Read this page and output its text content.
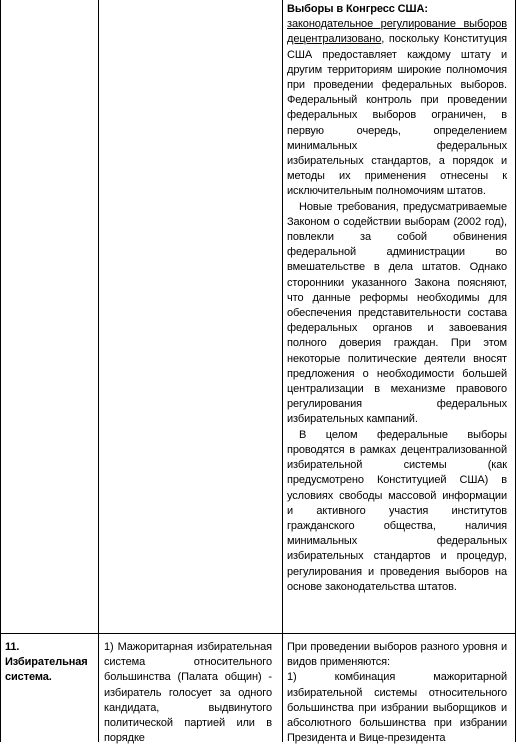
Выборы в Конгресс США:

законодательное регулирование выборов децентрализовано, поскольку Конституция США предоставляет каждому штату и другим территориям широкие полномочия при проведении федеральных выборов. Федеральный контроль при проведении федеральных выборов ограничен, в первую очередь, определением минимальных федеральных избирательных стандартов, а порядок и методы их применения отнесены к исключительным полномочиям штатов.

Новые требования, предусматриваемые Законом о содействии выборам (2002 год), повлекли за собой обвинения федеральной администрации во вмешательстве в дела штатов. Однако сторонники указанного Закона поясняют, что данные реформы необходимы для обеспечения представительности состава федеральных органов и завоевания полного доверия граждан. При этом некоторые политические деятели вносят предложения о необходимости большей централизации в механизме правового регулирования федеральных избирательных кампаний.

В целом федеральные выборы проводятся в рамках децентрализованной избирательной системы (как предусмотрено Конституцией США) в условиях свободы массовой информации и активного участия институтов гражданского общества, наличия минимальных федеральных избирательных стандартов и процедур, регулирования и проведения выборов на основе законодательства штатов.

11. Избирательная система.
1) Мажоритарная избирательная система относительного большинства (Палата общин) - избиратель голосует за одного кандидата, выдвинутого политической партией или в порядке

При проведении выборов разного уровня и видов применяются:

1) комбинация мажоритарной избирательной системы относительного большинства при избрании выборщиков и абсолютного большинства при избрании Президента и Вице-президента
